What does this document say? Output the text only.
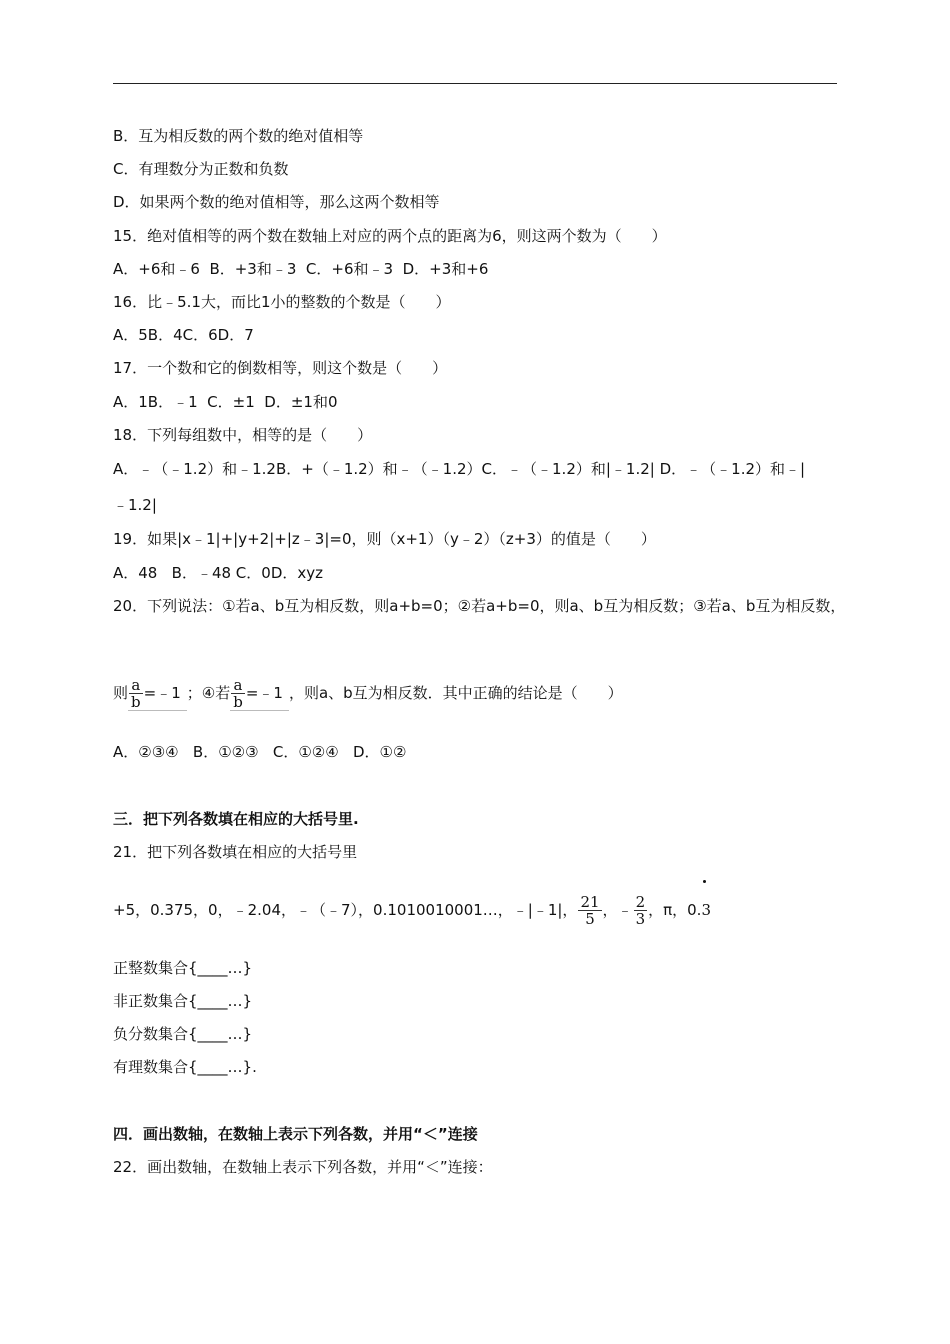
B．互为相反数的两个数的绝对值相等
C．有理数分为正数和负数
D．如果两个数的绝对值相等，那么这两个数相等
15．绝对值相等的两个数在数轴上对应的两个点的距离为6，则这两个数为（　　）
A．+6和﹣6  B．+3和﹣3  C．+6和﹣3  D．+3和+6
16．比﹣5.1大，而比1小的整数的个数是（　　）
A．5B．4C．6D．7
17．一个数和它的倒数相等，则这个数是（　　）
A．1B．﹣1  C．±1  D．±1和0
18．下列每组数中，相等的是（　　）
A．﹣（﹣1.2）和﹣1.2B．+（﹣1.2）和﹣（﹣1.2）C．﹣（﹣1.2）和|﹣1.2| D．﹣（﹣1.2）和﹣|
﹣1.2|
19．如果|x﹣1|+|y+2|+|z﹣3|=0，则（x+1）（y﹣2）（z+3）的值是（　　）
A．48   B．﹣48 C．0D．xyz
20．下列说法：①若a、b互为相反数，则a+b=0；②若a+b=0，则a、b互为相反数；③若a、b互为相反数，
则 $\frac{a}{b}$ =﹣1 ；④若 $\frac{a}{b}$ =﹣1 ，则a、b互为相反数．其中正确的结论是（　　）
A．②③④   B．①②③   C．①②④   D．①②
三．把下列各数填在相应的大括号里.
21．把下列各数填在相应的大括号里
+5，0.375，0，﹣2.04，﹣（﹣7），0.1010010001…，﹣|﹣1|， $\frac{21}{5}$ ，﹣ $\frac{2}{3}$ ，π，0.3
正整数集合{____…}
非正数集合{____…}
负分数集合{____…}
有理数集合{____…}.
四．画出数轴，在数轴上表示下列各数，并用“＜”连接
22．画出数轴，在数轴上表示下列各数，并用“＜”连接：
